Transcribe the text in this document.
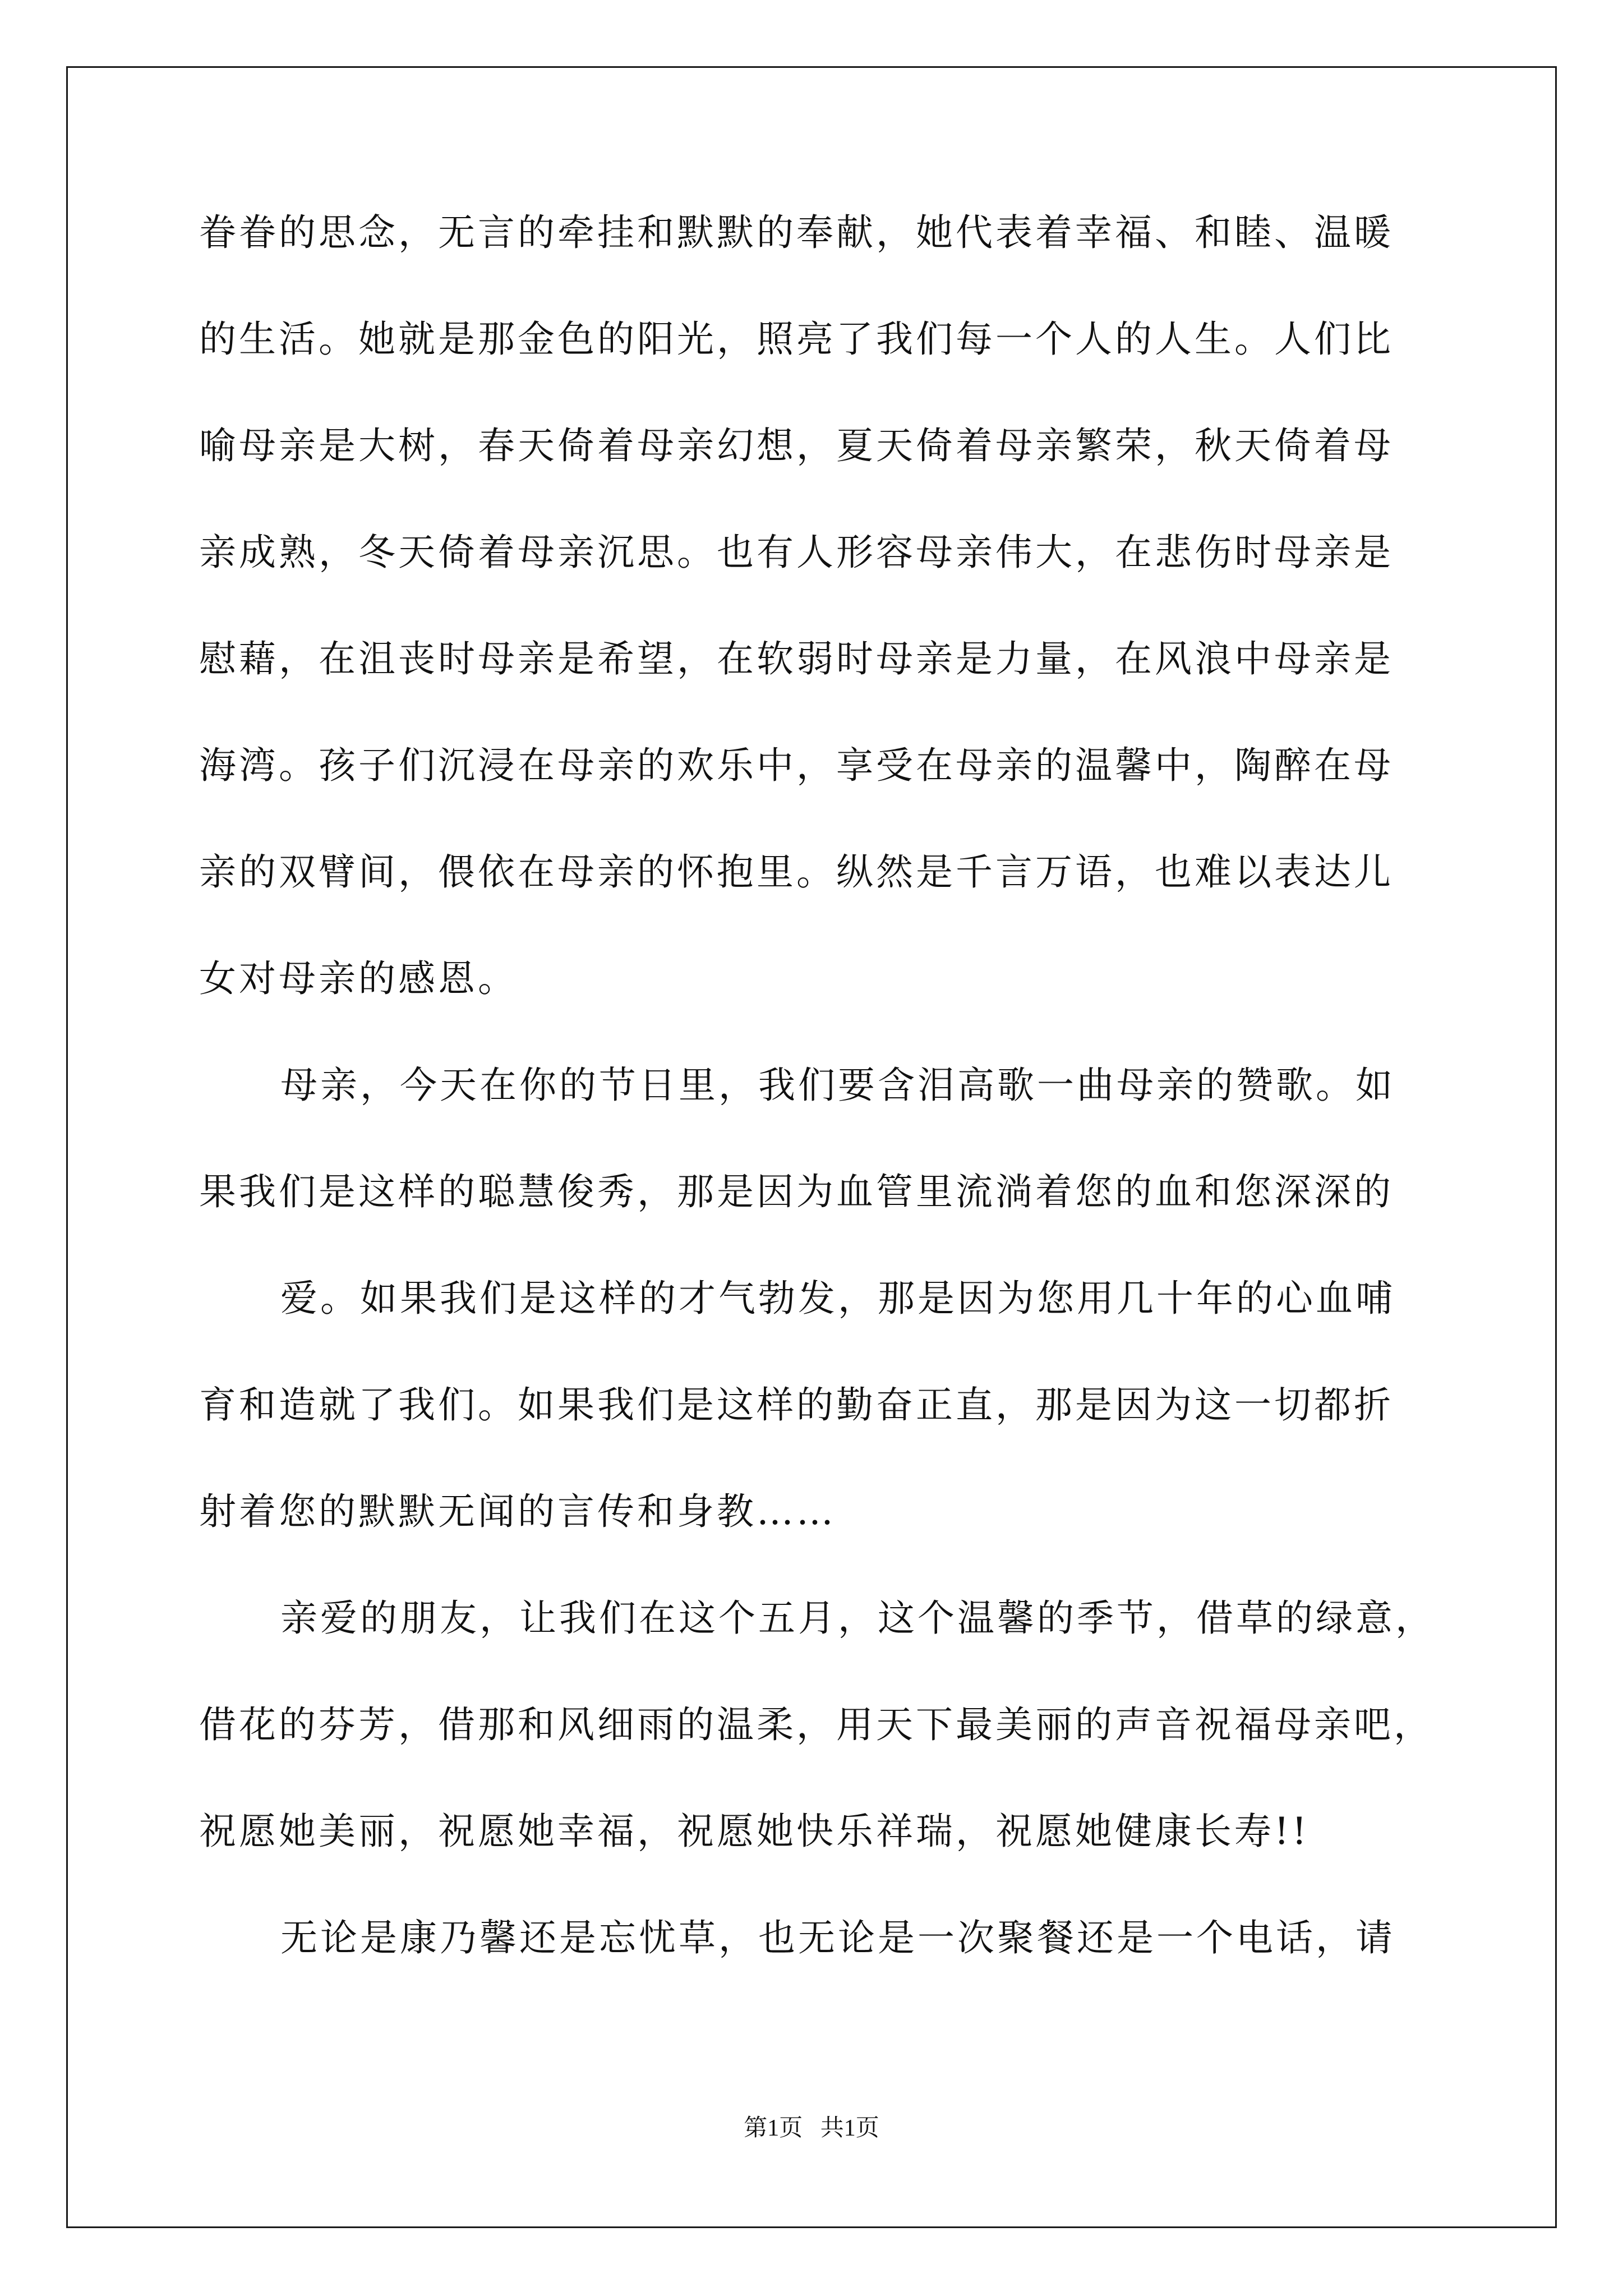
眷眷的思念，无言的牵挂和默默的奉献，她代表着幸福、和睦、温暖
的生活。她就是那金色的阳光，照亮了我们每一个人的人生。人们比
喻母亲是大树，春天倚着母亲幻想，夏天倚着母亲繁荣，秋天倚着母
亲成熟，冬天倚着母亲沉思。也有人形容母亲伟大，在悲伤时母亲是
慰藉，在沮丧时母亲是希望，在软弱时母亲是力量，在风浪中母亲是
海湾。孩子们沉浸在母亲的欢乐中，享受在母亲的温馨中，陶醉在母
亲的双臂间，偎依在母亲的怀抱里。纵然是千言万语，也难以表达儿
女对母亲的感恩。
母亲，今天在你的节日里，我们要含泪高歌一曲母亲的赞歌。如
果我们是这样的聪慧俊秀，那是因为血管里流淌着您的血和您深深的
爱。如果我们是这样的才气勃发，那是因为您用几十年的心血哺
育和造就了我们。如果我们是这样的勤奋正直，那是因为这一切都折
射着您的默默无闻的言传和身教……
亲爱的朋友，让我们在这个五月，这个温馨的季节，借草的绿意，
借花的芬芳，借那和风细雨的温柔，用天下最美丽的声音祝福母亲吧，
祝愿她美丽，祝愿她幸福，祝愿她快乐祥瑞，祝愿她健康长寿!!
无论是康乃馨还是忘忧草，也无论是一次聚餐还是一个电话，请
第1页   共1页
